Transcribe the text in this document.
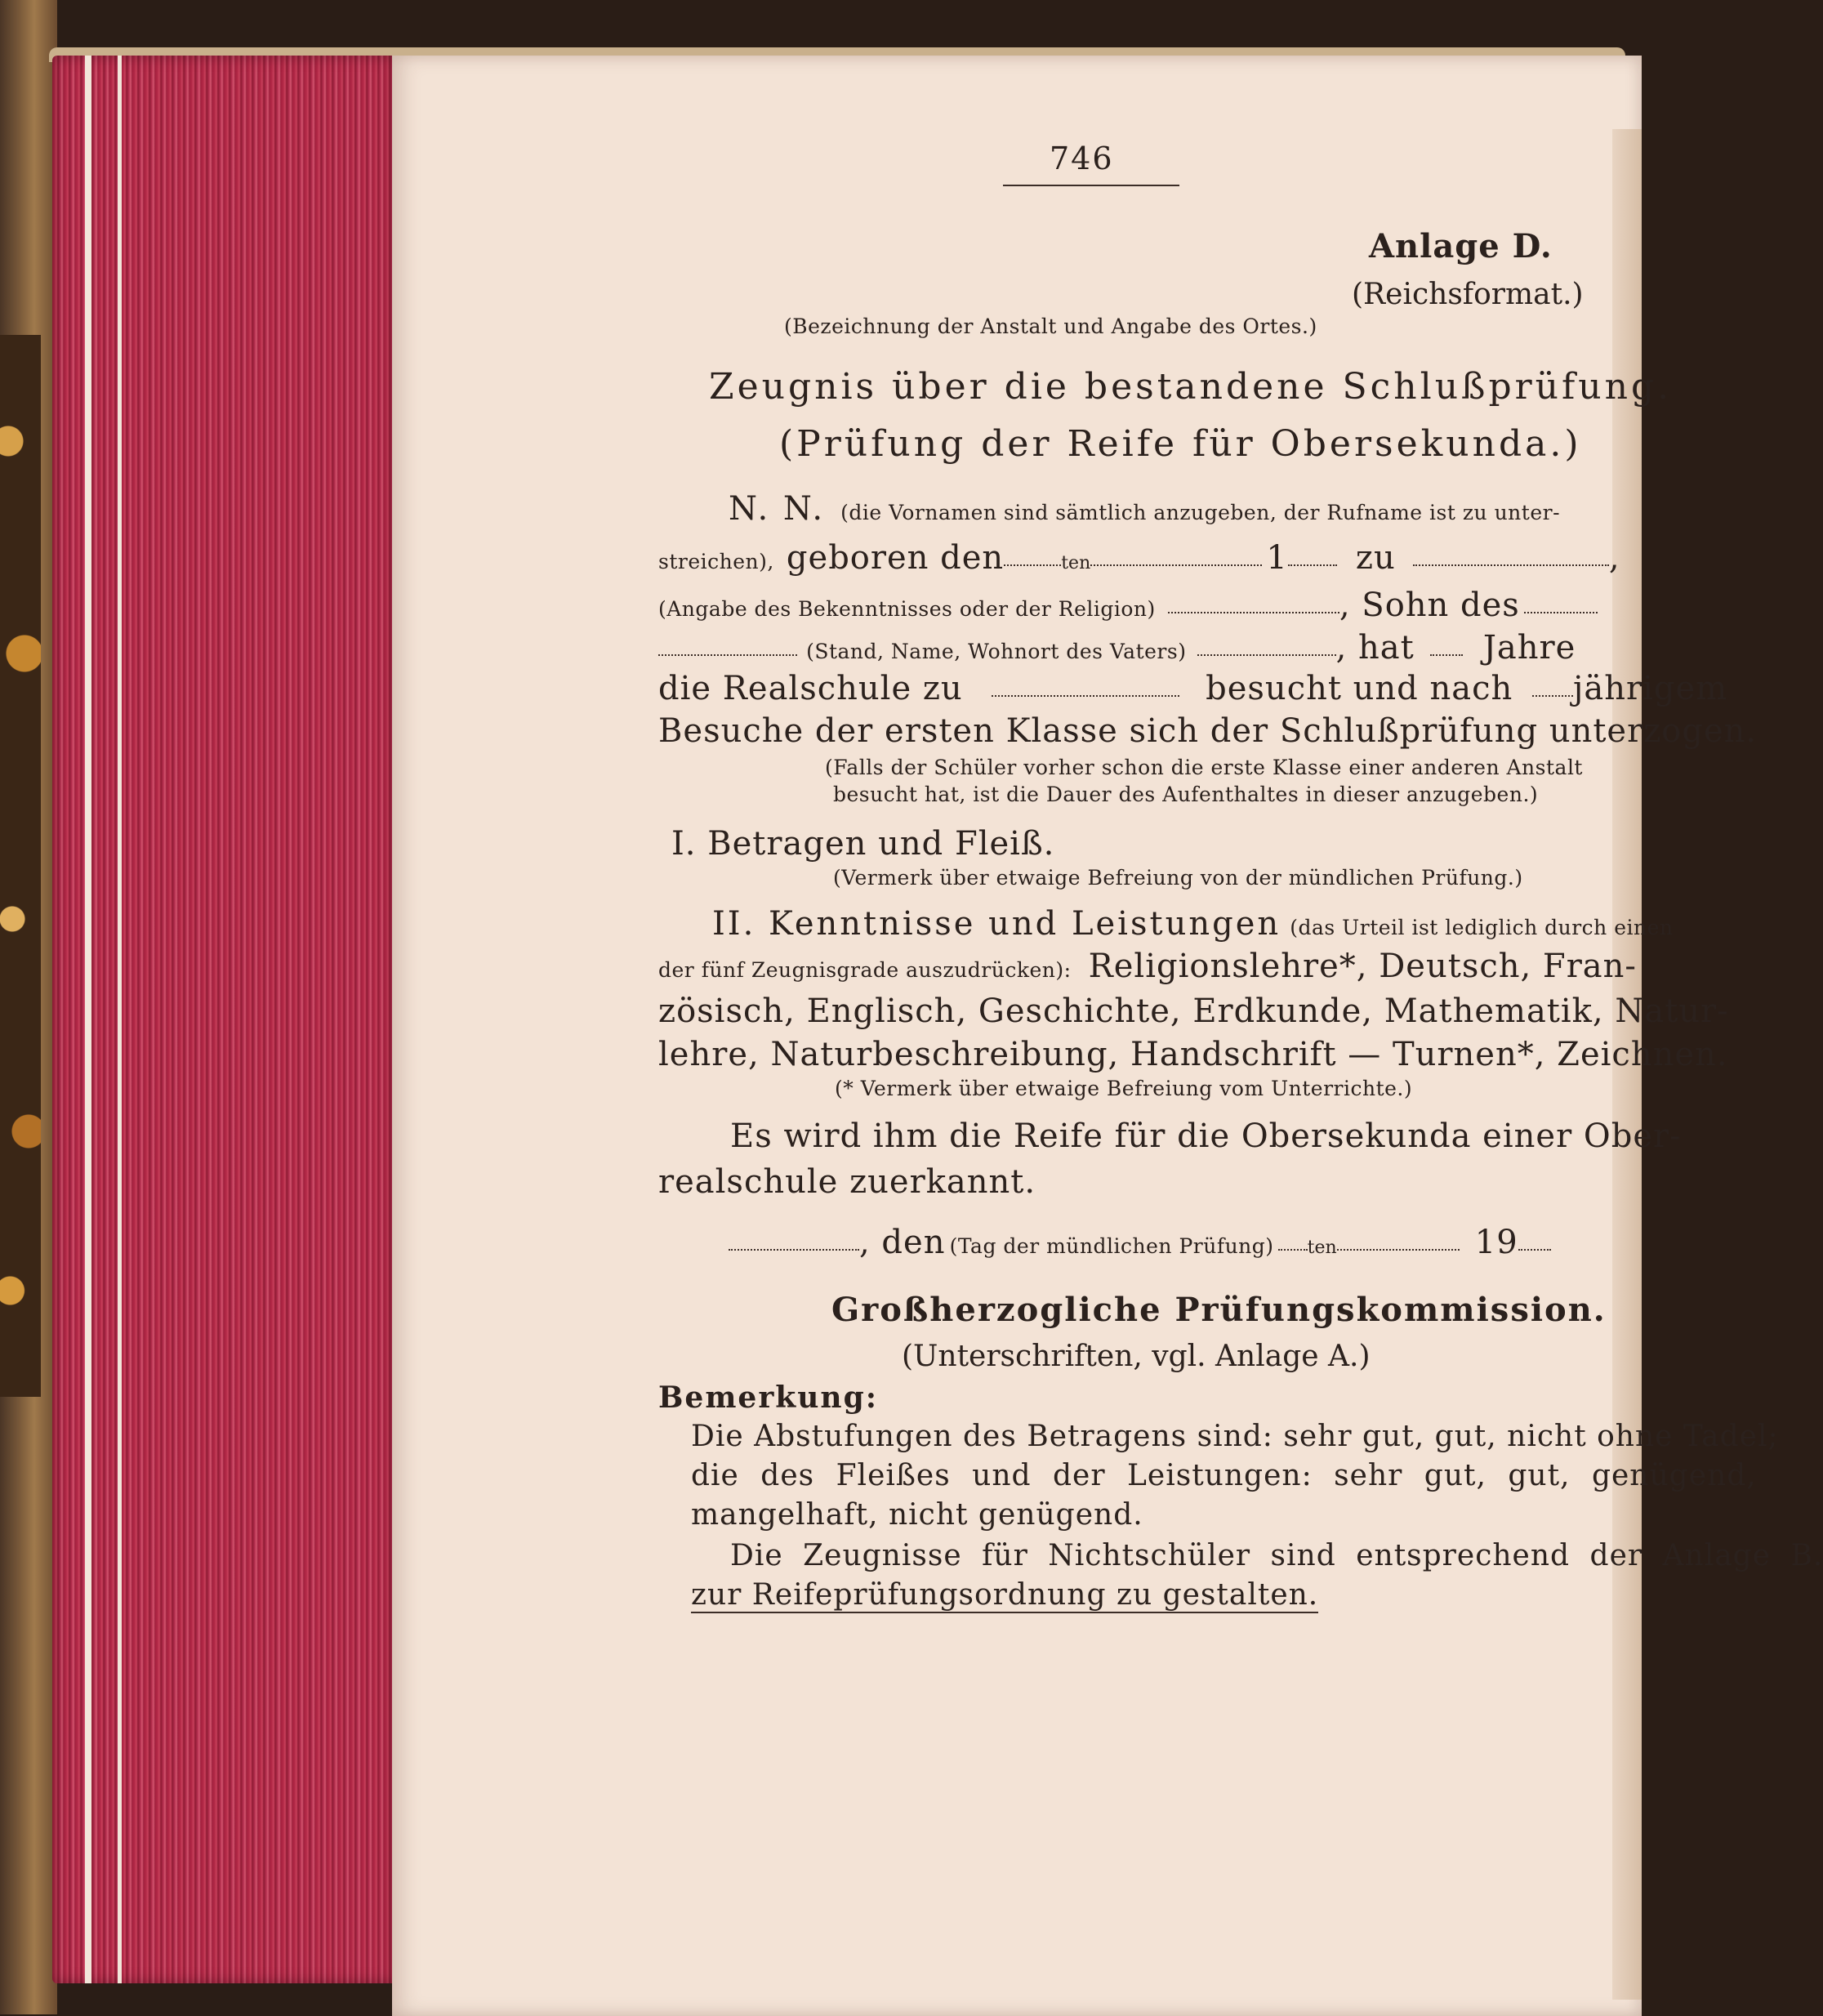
746
Anlage D.
(Reichsformat.)
(Bezeichnung der Anstalt und Angabe des Ortes.)
Zeugnis über die bestandene Schlußprüfung.
(Prüfung der Reife für Obersekunda.)
N. N. (die Vornamen sind sämtlich anzugeben, der Rufname ist zu unter-
streichen), geboren den	ten	1 zu	,
(Angabe des Bekenntnisses oder der Religion)	, Sohn des
(Stand, Name, Wohnort des Vaters)	, hat Jahre
die Realschule zu	besucht und nach jährigem
Besuche der ersten Klasse sich der Schlußprüfung unterzogen.
(Falls der Schüler vorher schon die erste Klasse einer anderen Anstalt
besucht hat, ist die Dauer des Aufenthaltes in dieser anzugeben.)
I. Betragen und Fleiß.
(Vermerk über etwaige Befreiung von der mündlichen Prüfung.)
II. Kenntnisse und Leistungen (das Urteil ist lediglich durch einen
der fünf Zeugnisgrade auszudrücken): Religionslehre*, Deutsch, Fran-
zösisch, Englisch, Geschichte, Erdkunde, Mathematik, Natur-
lehre, Naturbeschreibung, Handschrift — Turnen*, Zeichnen.
(* Vermerk über etwaige Befreiung vom Unterrichte.)
Es wird ihm die Reife für die Obersekunda einer Ober-
realschule zuerkannt.
, den (Tag der mündlichen Prüfung) ten	19
Großherzogliche Prüfungskommission.
(Unterschriften, vgl. Anlage A.)
Bemerkung:
Die Abstufungen des Betragens sind: sehr gut, gut, nicht ohne Tadel;
die des Fleißes und der Leistungen: sehr gut, gut, genügend,
mangelhaft, nicht genügend.
Die Zeugnisse für Nichtschüler sind entsprechend der Anlage B.
zur Reifeprüfungsordnung zu gestalten.
